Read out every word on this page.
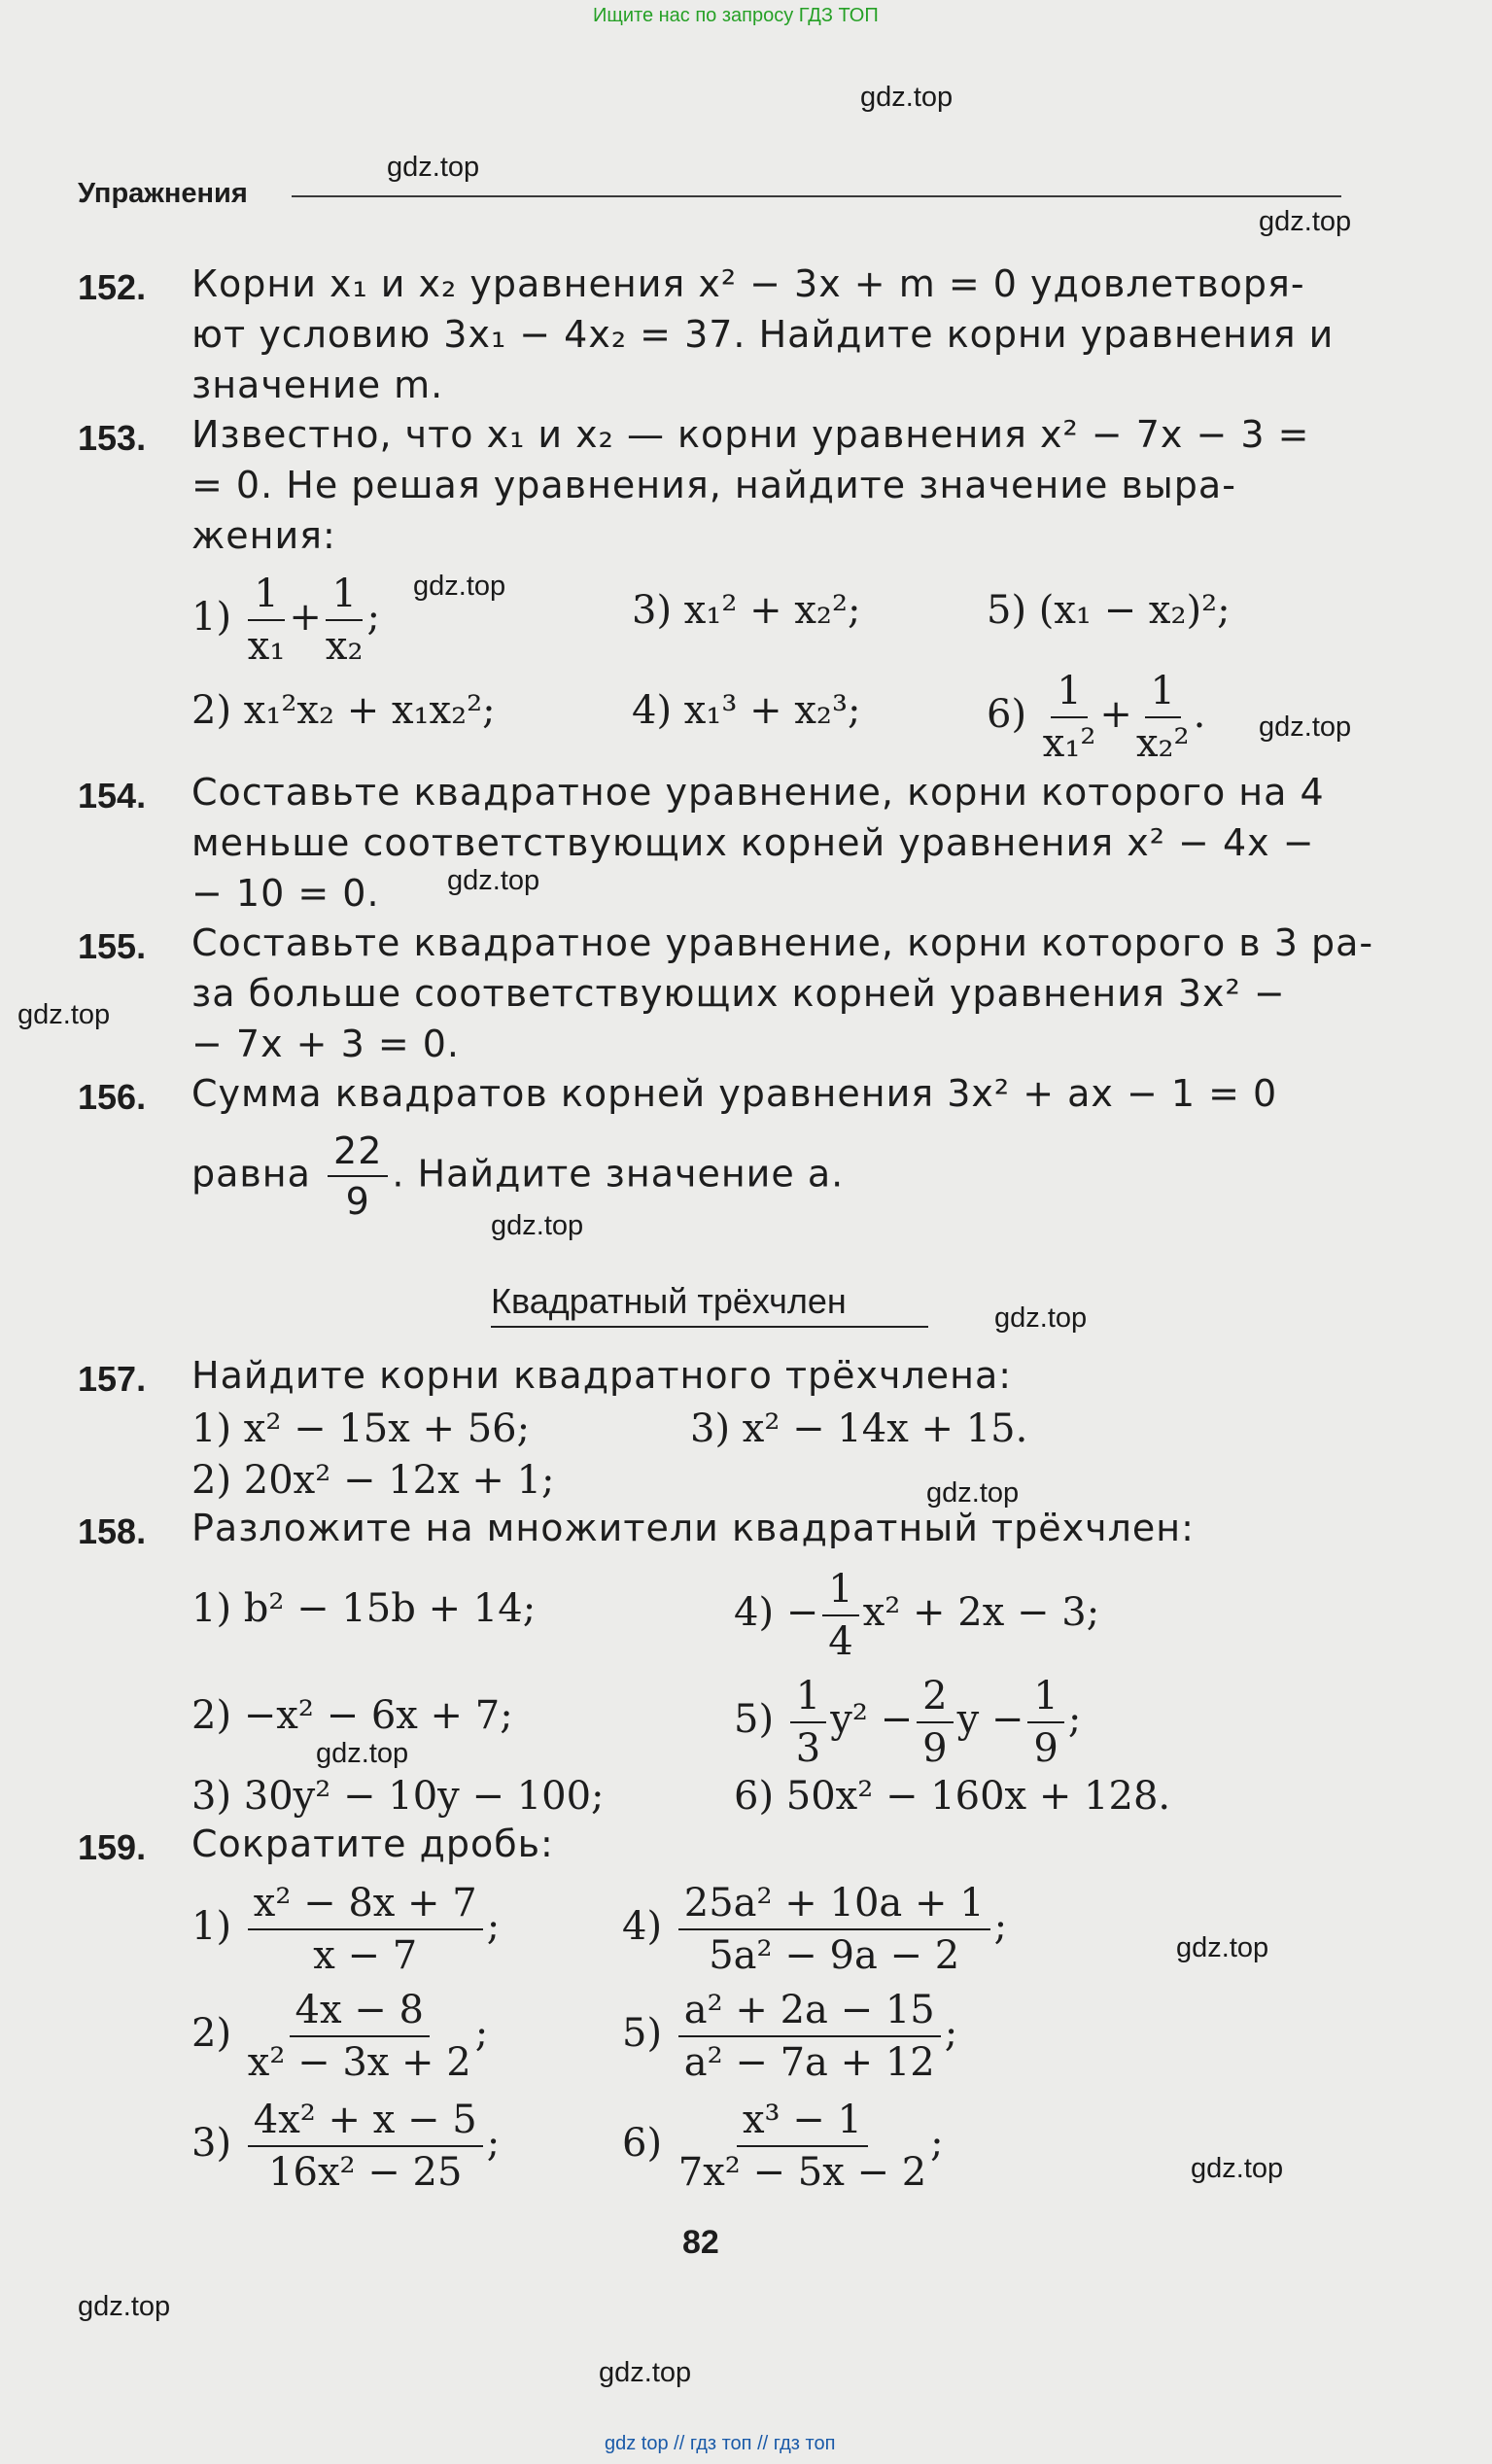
Ищите нас по запросу ГДЗ ТОП
gdz.top
gdz.top
gdz.top
gdz.top
gdz.top
gdz.top
gdz.top
gdz.top
gdz.top
gdz.top
gdz.top
gdz.top
gdz.top
gdz.top
gdz.top
Упражнения
152. Корни x₁ и x₂ уравнения x² − 3x + m = 0 удовлетворя-
ют условию 3x₁ − 4x₂ = 37. Найдите корни уравнения и
значение m.
153. Известно, что x₁ и x₂ — корни уравнения x² − 7x − 3 =
= 0. Не решая уравнения, найдите значение выра-
жения:
$1) \frac{1}{\text{x₁}} + \frac{1}{\text{x₂}}$ ;	3) x₁² + x₂²;	5) (x₁ − x₂)²;
2) x₁²x₂ + x₁x₂²;	4) x₁³ + x₂³;	$6) \frac{1}{\text{x₁²}} + \frac{1}{\text{x₂²}}$ .
154. Составьте квадратное уравнение, корни которого на 4
меньше соответствующих корней уравнения x² − 4x −
− 10 = 0.
155. Составьте квадратное уравнение, корни которого в 3 ра-
за больше соответствующих корней уравнения 3x² −
− 7x + 3 = 0.
156. Сумма квадратов корней уравнения 3x² + ax − 1 = 0
равна $\frac{22}{9}$ . Найдите значение a.
Квадратный трёхчлен
157. Найдите корни квадратного трёхчлена:
1) x² − 15x + 56;	3) x² − 14x + 15.
2) 20x² − 12x + 1;
158. Разложите на множители квадратный трёхчлен:
1) b² − 15b + 14;	$4) - \frac{1}{4} x^2 + 2x - 3$;
2) −x² − 6x + 7;	$5) \frac{1}{3} y^2 - \frac{2}{9}$ $y - \frac{1}{9}$ ;
3) 30y² − 10y − 100;	6) 50x² − 160x + 128.
159. Сократите дробь:
$1) \frac{\text{x² − 8x + 7}}{x - 7}$ ;	$4) \frac{\text{25a² + 10a + 1}}{\text{5a² − 9a − 2}}$ ;
$2) \frac{4x - 8}{\text{x² − 3x + 2}}$ ;	$5) \frac{\text{a² + 2a − 15}}{\text{a² − 7a + 12}}$ ;
$3) \frac{\text{4x² + x − 5}}{\text{16x² − 25}}$ ;	$6) \frac{\text{x³ − 1}}{\text{7x² − 5x − 2}}$ ;
82
gdz top // гдз топ // гдз топ
